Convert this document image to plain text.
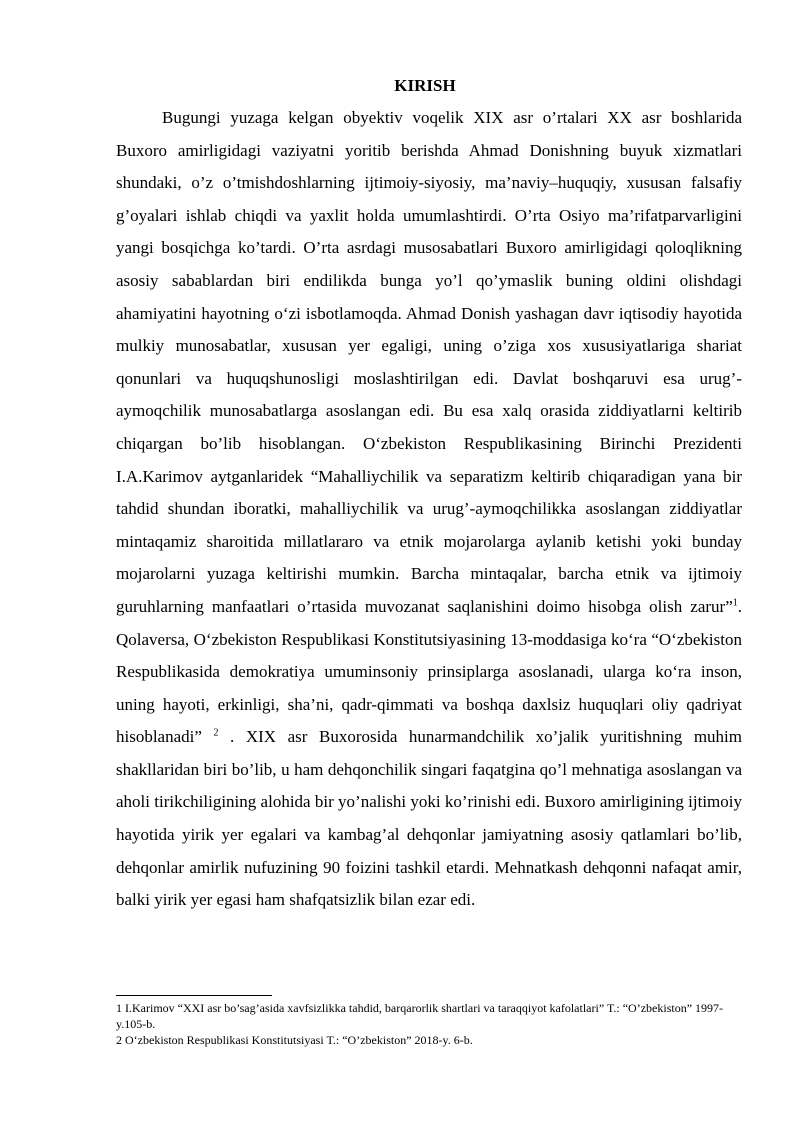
KIRISH

Bugungi yuzaga kelgan obyektiv voqelik XIX asr o’rtalari XX asr boshlarida Buxoro amirligidagi vaziyatni yoritib berishda Ahmad Donishning buyuk xizmatlari shundaki, o’z o’tmishdoshlarning ijtimoiy-siyosiy, ma’naviy–huquqiy, xususan falsafiy g’oyalari ishlab chiqdi va yaxlit holda umumlashtirdi. O’rta Osiyo ma’rifatparvarligini yangi bosqichga ko’tardi. O’rta asrdagi musosabatlari Buxoro amirligidagi qoloqlikning asosiy sabablardan biri endilikda bunga yo’l qo’ymaslik buning oldini olishdagi ahamiyatini hayotning o‘zi isbotlamoqda. Ahmad Donish yashagan davr iqtisodiy hayotida mulkiy munosabatlar, xususan yer egaligi, uning o’ziga xos xususiyatlariga shariat qonunlari va huquqshunosligi moslashtirilgan edi. Davlat boshqaruvi esa urug’-aymoqchilik munosabatlarga asoslangan edi. Bu esa xalq orasida ziddiyatlarni keltirib chiqargan bo’lib hisoblangan. O‘zbekiston Respublikasining Birinchi Prezidenti I.A.Karimov aytganlaridek “Mahalliychilik va separatizm keltirib chiqaradigan yana bir tahdid shundan iboratki, mahalliychilik va urug’-aymoqchilikka asoslangan ziddiyatlar mintaqamiz sharoitida millatlararo va etnik mojarolarga aylanib ketishi yoki bunday mojarolarni yuzaga keltirishi mumkin. Barcha mintaqalar, barcha etnik va ijtimoiy guruhlarning manfaatlari o’rtasida muvozanat saqlanishini doimo hisobga olish zarur”$^1$. Qolaversa, O‘zbekiston Respublikasi Konstitutsiyasining 13-moddasiga ko‘ra “O‘zbekiston Respublikasida demokratiya umuminsoniy prinsiplarga asoslanadi, ularga ko‘ra inson, uning hayoti, erkinligi, sha’ni, qadr-qimmati va boshqa daxlsiz huquqlari oliy qadriyat hisoblanadi” $^2$ . XIX asr Buxorosida hunarmandchilik xo’jalik yuritishning muhim shakllaridan biri bo’lib, u ham dehqonchilik singari faqatgina qo’l mehnatiga asoslangan va aholi tirikchiligining alohida bir yo’nalishi yoki ko’rinishi edi. Buxoro amirligining ijtimoiy hayotida yirik yer egalari va kambag’al dehqonlar jamiyatning asosiy qatlamlari bo’lib, dehqonlar amirlik nufuzining 90 foizini tashkil etardi. Mehnatkash dehqonni nafaqat amir, balki yirik yer egasi ham shafqatsizlik bilan ezar edi.

1 I.Karimov “XXI asr bo’sag’asida xavfsizlikka tahdid, barqarorlik shartlari va taraqqiyot kafolatlari” T.: “O’zbekiston” 1997-y.105-b.

2 O‘zbekiston Respublikasi Konstitutsiyasi T.: “O’zbekiston” 2018-y. 6-b.
